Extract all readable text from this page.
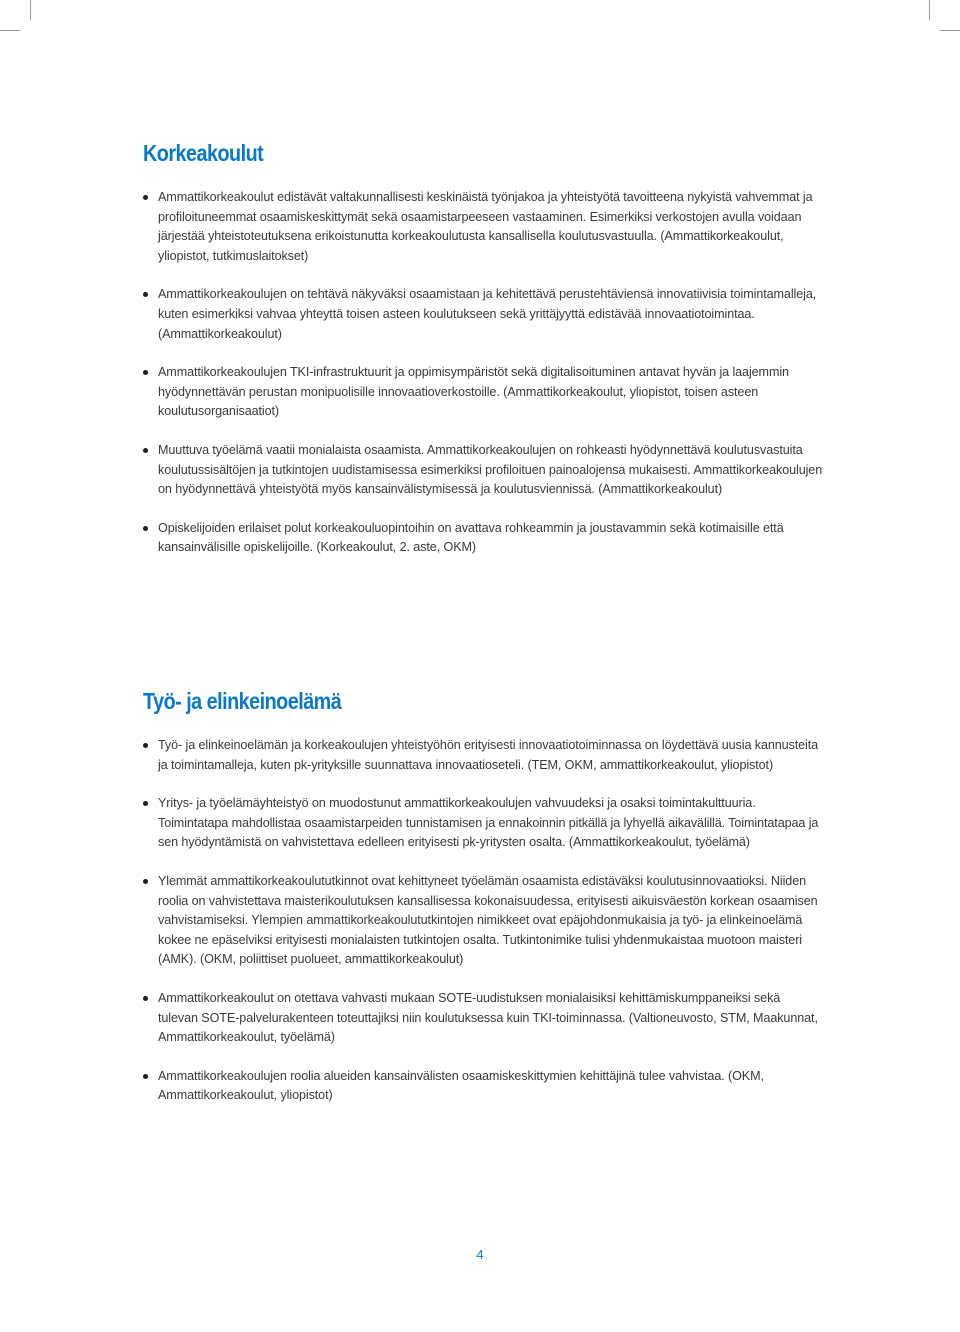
Korkeakoulut
Ammattikorkeakoulut edistävät valtakunnallisesti keskinäistä työnjakoa ja yhteistyötä tavoitteena nykyistä vahvemmat ja profiloituneemmat osaamiskeskittymät sekä osaamistarpeeseen vastaaminen. Esimerkiksi verkostojen avulla voidaan järjestää yhteistoteutuksena erikoistunutta korkeakoulutusta kansallisella koulutusvastuulla. (Ammattikorkeakoulut, yliopistot, tutkimuslaitokset)
Ammattikorkeakoulujen on tehtävä näkyväksi osaamistaan ja kehitettävä perustehtäviensä innovatiivisia toimintamalleja, kuten esimerkiksi vahvaa yhteyttä toisen asteen koulutukseen sekä yrittäjyyttä edistävää innovaatiotoimintaa. (Ammattikorkeakoulut)
Ammattikorkeakoulujen TKI-infrastruktuurit ja oppimisympäristöt sekä digitalisoituminen antavat hyvän ja laajemmin hyödynnettävän perustan monipuolisille innovaatioverkostoille. (Ammattikorkeakoulut, yliopistot, toisen asteen koulutusorganisaatiot)
Muuttuva työelämä vaatii monialaista osaamista. Ammattikorkeakoulujen on rohkeasti hyödynnettävä koulutusvastuita koulutussisältöjen ja tutkintojen uudistamisessa esimerkiksi profiloituen painoalojensa mukaisesti. Ammattikorkeakoulujen on hyödynnettävä yhteistyötä myös kansainvälistymisessä ja koulutusviennissä. (Ammattikorkeakoulut)
Opiskelijoiden erilaiset polut korkeakouluopintoihin on avattava rohkeammin ja joustavammin sekä kotimaisille että kansainvälisille opiskelijoille. (Korkeakoulut, 2. aste, OKM)
Työ- ja elinkeinoelämä
Työ- ja elinkeinoelämän ja korkeakoulujen yhteistyöhön erityisesti innovaatiotoiminnassa on löydettävä uusia kannusteita ja toimintamalleja, kuten pk-yrityksille suunnattava innovaatioseteli. (TEM, OKM, ammattikorkeakoulut, yliopistot)
Yritys- ja työelämäyhteistyö on muodostunut ammattikorkeakoulujen vahvuudeksi ja osaksi toimintakulttuuria. Toimintatapa mahdollistaa osaamistarpeiden tunnistamisen ja ennakoinnin pitkällä ja lyhyellä aikavälillä. Toimintatapaa ja sen hyödyntämistä on vahvistettava edelleen erityisesti pk-yritysten osalta. (Ammattikorkeakoulut, työelämä)
Ylemmät ammattikorkeakoulututkinnot ovat kehittyneet työelämän osaamista edistäväksi koulutusinnovaatioksi. Niiden roolia on vahvistettava maisterikoulutuksen kansallisessa kokonaisuudessa, erityisesti aikuisväestön korkean osaamisen vahvistamiseksi. Ylempien ammattikorkeakoulututkintojen nimikkeet ovat epäjohdonmukaisia ja työ- ja elinkeinoelämä kokee ne epäselviksi erityisesti monialaisten tutkintojen osalta. Tutkintonimike tulisi yhdenmukaistaa muotoon maisteri (AMK). (OKM, poliittiset puolueet, ammattikorkeakoulut)
Ammattikorkeakoulut on otettava vahvasti mukaan SOTE-uudistuksen monialaisiksi kehittämiskumppaneiksi sekä tulevan SOTE-palvelurakenteen toteuttajiksi niin koulutuksessa kuin TKI-toiminnassa. (Valtioneuvosto, STM, Maakunnat, Ammattikorkeakoulut, työelämä)
Ammattikorkeakoulujen roolia alueiden kansainvälisten osaamiskeskittymien kehittäjinä tulee vahvistaa. (OKM, Ammattikorkeakoulut, yliopistot)
4
